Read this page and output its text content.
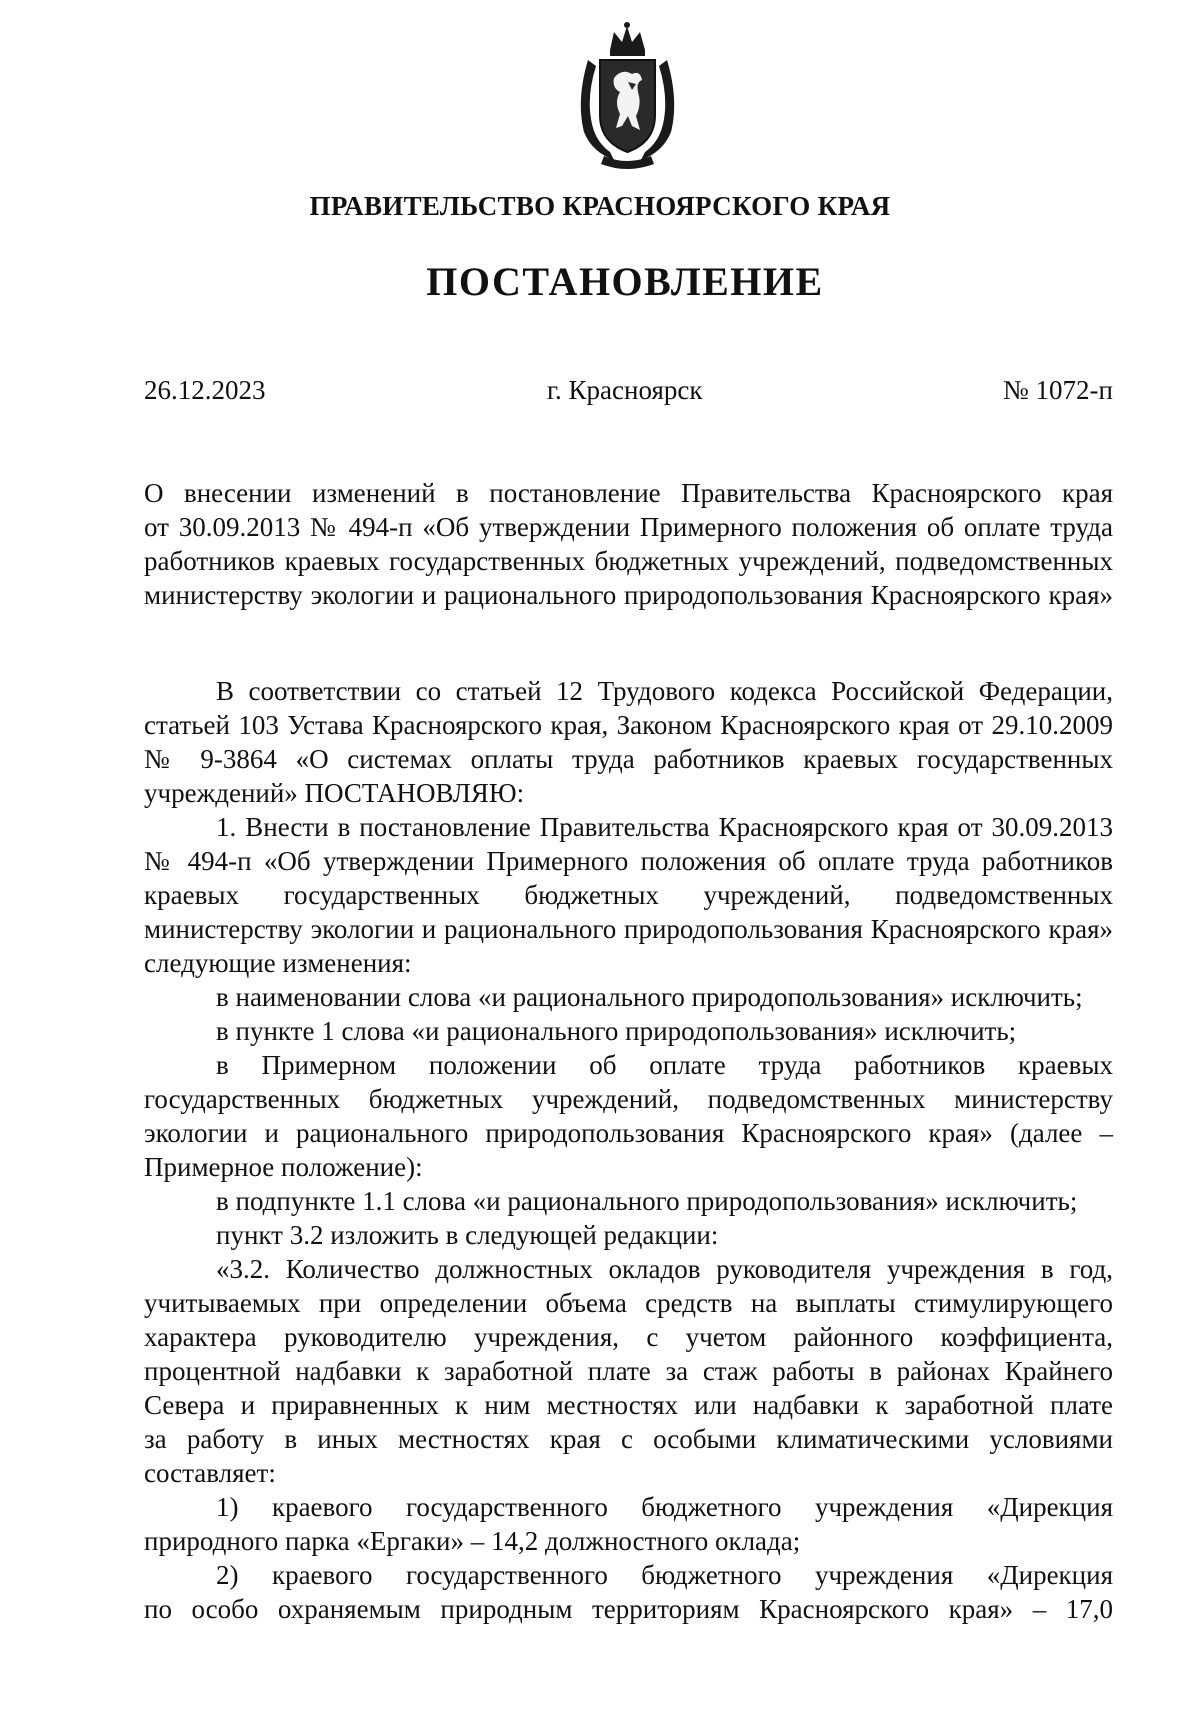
ПРАВИТЕЛЬСТВО КРАСНОЯРСКОГО КРАЯ
ПОСТАНОВЛЕНИЕ
26.12.2023	г. Красноярск	№ 1072-п
О внесении изменений в постановление Правительства Красноярского края
от 30.09.2013 № 494-п «Об утверждении Примерного положения об оплате труда
работников краевых государственных бюджетных учреждений, подведомственных
министерству экологии и рационального природопользования Красноярского края»
В соответствии со статьей 12 Трудового кодекса Российской Федерации,
статьей 103 Устава Красноярского края, Законом Красноярского края от 29.10.2009
№ 9-3864 «О системах оплаты труда работников краевых государственных
учреждений» ПОСТАНОВЛЯЮ:
1. Внести в постановление Правительства Красноярского края от 30.09.2013
№ 494-п «Об утверждении Примерного положения об оплате труда работников
краевых государственных бюджетных учреждений, подведомственных
министерству экологии и рационального природопользования Красноярского края»
следующие изменения:
в наименовании слова «и рационального природопользования» исключить;
в пункте 1 слова «и рационального природопользования» исключить;
в Примерном положении об оплате труда работников краевых
государственных бюджетных учреждений, подведомственных министерству
экологии и рационального природопользования Красноярского края» (далее –
Примерное положение):
в подпункте 1.1 слова «и рационального природопользования» исключить;
пункт 3.2 изложить в следующей редакции:
«3.2. Количество должностных окладов руководителя учреждения в год,
учитываемых при определении объема средств на выплаты стимулирующего
характера руководителю учреждения, с учетом районного коэффициента,
процентной надбавки к заработной плате за стаж работы в районах Крайнего
Севера и приравненных к ним местностях или надбавки к заработной плате
за работу в иных местностях края с особыми климатическими условиями
составляет:
1) краевого государственного бюджетного учреждения «Дирекция
природного парка «Ергаки» – 14,2 должностного оклада;
2) краевого государственного бюджетного учреждения «Дирекция
по особо охраняемым природным территориям Красноярского края» – 17,0
